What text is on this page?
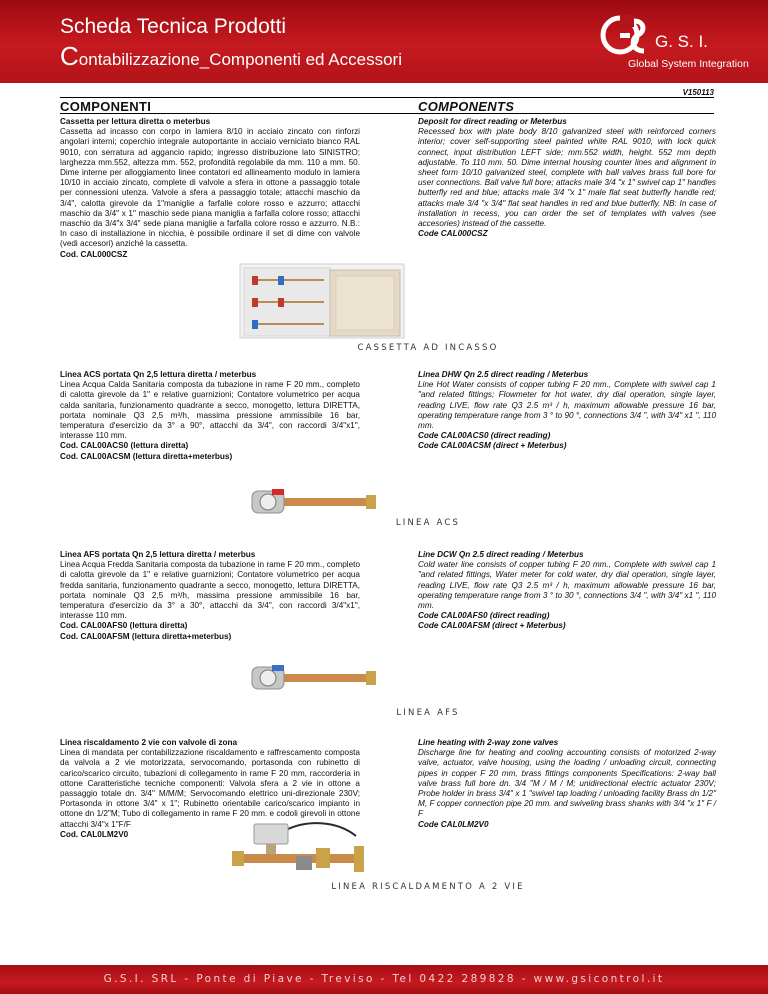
Scheda Tecnica Prodotti
Contabilizzazione_Componenti ed Accessori
G. S. I.
Global System Integration
V150113
COMPONENTI	COMPONENTS
Cassetta per lettura diretta o meterbus
Cassetta ad incasso con corpo in lamiera 8/10 in acciaio zincato con rinforzi angolari interni; coperchio integrale autoportante in acciaio verniciato bianco RAL 9010, con serratura ad aggancio rapido; ingresso distribuzione lato SINISTRO; larghezza mm.552, altezza mm. 552, profondità regolabile da mm. 110 a mm. 50. Dime interne per alloggiamento linee contatori ed allineamento modulo in lamiera 10/10 in acciaio zincato, complete di valvole a sfera in ottone a passaggio totale per connessioni utenza. Valvole a sfera a passaggio totale; attacchi maschio da 3/4", calotta girevole da 1"maniglie a farfalle colore rosso e azzurro; attacchi maschio da 3/4" x 1" maschio sede piana maniglia a farfalla colore rosso; attacchi maschio da 3/4"x 3/4" sede piana maniglie a farfalla colore rosso e azzurro. N.B.: In caso di installazione in nicchia, è possibile ordinare il set di dime con valvole (vedi accesori) anziché la cassetta.
Cod. CAL000CSZ
Deposit for direct reading or Meterbus
Recessed box with plate body 8/10 galvanized steel with reinforced corners interior; cover self-supporting steel painted white RAL 9010, with lock quick connect, input distribution LEFT side; mm.552 width, height. 552 mm depth adjustable. To 110 mm. 50. Dime internal housing counter lines and alignment in sheet form 10/10 galvanized steel, complete with ball valves brass full bore for user connections. Ball valve full bore; attacks male 3/4 "x 1" swivel cap 1" handles butterfly red and blue; attacks male 3/4 "x 1" male flat seat butterfly handle red; attacks male 3/4 "x 3/4" flat seat handles in red and blue butterfly. NB: In case of installation in recess, you can order the set of templates with valves (see accesories) instead of the cassette.
Code CAL000CSZ
CASSETTA AD INCASSO
Linea ACS portata Qn 2,5 lettura diretta / meterbus
Linea Acqua Calda Sanitaria composta da tubazione in rame F 20 mm., completo di calotta girevole da 1" e relative guarnizioni; Contatore volumetrico per acqua calda sanitaria, funzionamento quadrante a secco, monogetto, lettura DIRETTA, portata nominale Q3 2,5 m³/h, massima pressione ammissibile 16 bar, temperatura d'esercizio da 3° a 90°, attacchi da 3/4", con raccordi 3/4"x1", interasse 110 mm.
Cod. CAL00ACS0 (lettura diretta)
Cod. CAL00ACSM (lettura diretta+meterbus)
Linea DHW Qn 2.5 direct reading / Meterbus
Line Hot Water consists of copper tubing F 20 mm., Complete with swivel cap 1 "and related fittings; Flowmeter for hot water, dry dial operation, single layer, reading LIVE, flow rate Q3 2.5 m³ / h, maximum allowable pressure 16 bar, operating temperature range from 3 ° to 90 °, connections 3/4 ", with 3/4" x1 ", 110 mm.
Code CAL00ACS0 (direct reading)
Code CAL00ACSM (direct + Meterbus)
LINEA ACS
Linea AFS portata Qn 2,5 lettura diretta / meterbus
Linea Acqua Fredda Sanitaria composta da tubazione in rame F 20 mm., completo di calotta girevole da 1" e relative guarnizioni; Contatore volumetrico per acqua fredda sanitaria, funzionamento quadrante a secco, monogetto, lettura DIRETTA, portata nominale Q3 2,5 m³/h, massima pressione ammissibile 16 bar, temperatura d'esercizio da 3° a 30°, attacchi da 3/4", con raccordi 3/4"x1", interasse 110 mm.
Cod. CAL00AFS0 (lettura diretta)
Cod. CAL00AFSM (lettura diretta+meterbus)
Line DCW Qn 2.5 direct reading / Meterbus
Cold water line consists of copper tubing F 20 mm., Complete with swivel cap 1 "and related fittings, Water meter for cold water, dry dial operation, single layer, reading LIVE, flow rate Q3 2.5 m³ / h, maximum allowable pressure 16 bar, operating temperature range from 3 ° to 30 °, connections 3/4 ", with 3/4" x1 ", 110 mm.
Code CAL00AFS0 (direct reading)
Code CAL00AFSM (direct + Meterbus)
LINEA AFS
Linea riscaldamento 2 vie con valvole di zona
Linea di mandata per contabilizzazione riscaldamento e raffrescamento composta da valvola a 2 vie motorizzata, servocomando, portasonda con rubinetto di carico/scarico circuito, tubazioni di collegamento in rame F 20 mm, raccorderia in ottone Caratteristiche tecniche componenti: Valvola sfera a 2 vie in ottone a passaggio totale dn. 3/4" M/M/M; Servocomando elettrico uni-direzionale 230V; Portasonda in ottone 3/4" x 1"; Rubinetto orientabile carico/scarico impianto in ottone dn 1/2"M; Tubo di collegamento in rame F 20 mm. e codoli girevoli in ottone attacchi 3/4"x 1"F/F
Cod. CAL0LM2V0
Line heating with 2-way zone valves
Discharge line for heating and cooling accounting consists of motorized 2-way valve, actuator, valve housing, using the loading / unloading circuit, connecting pipes in copper F 20 mm, brass fittings components Specifications: 2-way ball valve brass full bore dn. 3/4 "M / M / M; unidirectional electric actuator 230V; Probe holder in brass 3/4" x 1 "swivel tap loading / unloading facility Brass dn 1/2" M, F copper connection pipe 20 mm. and swiveling brass shanks with 3/4 "x 1" F / F
Code CAL0LM2V0
LINEA RISCALDAMENTO A 2 VIE
G.S.I. SRL - Ponte di Piave - Treviso - Tel 0422 289828 - www.gsicontrol.it
